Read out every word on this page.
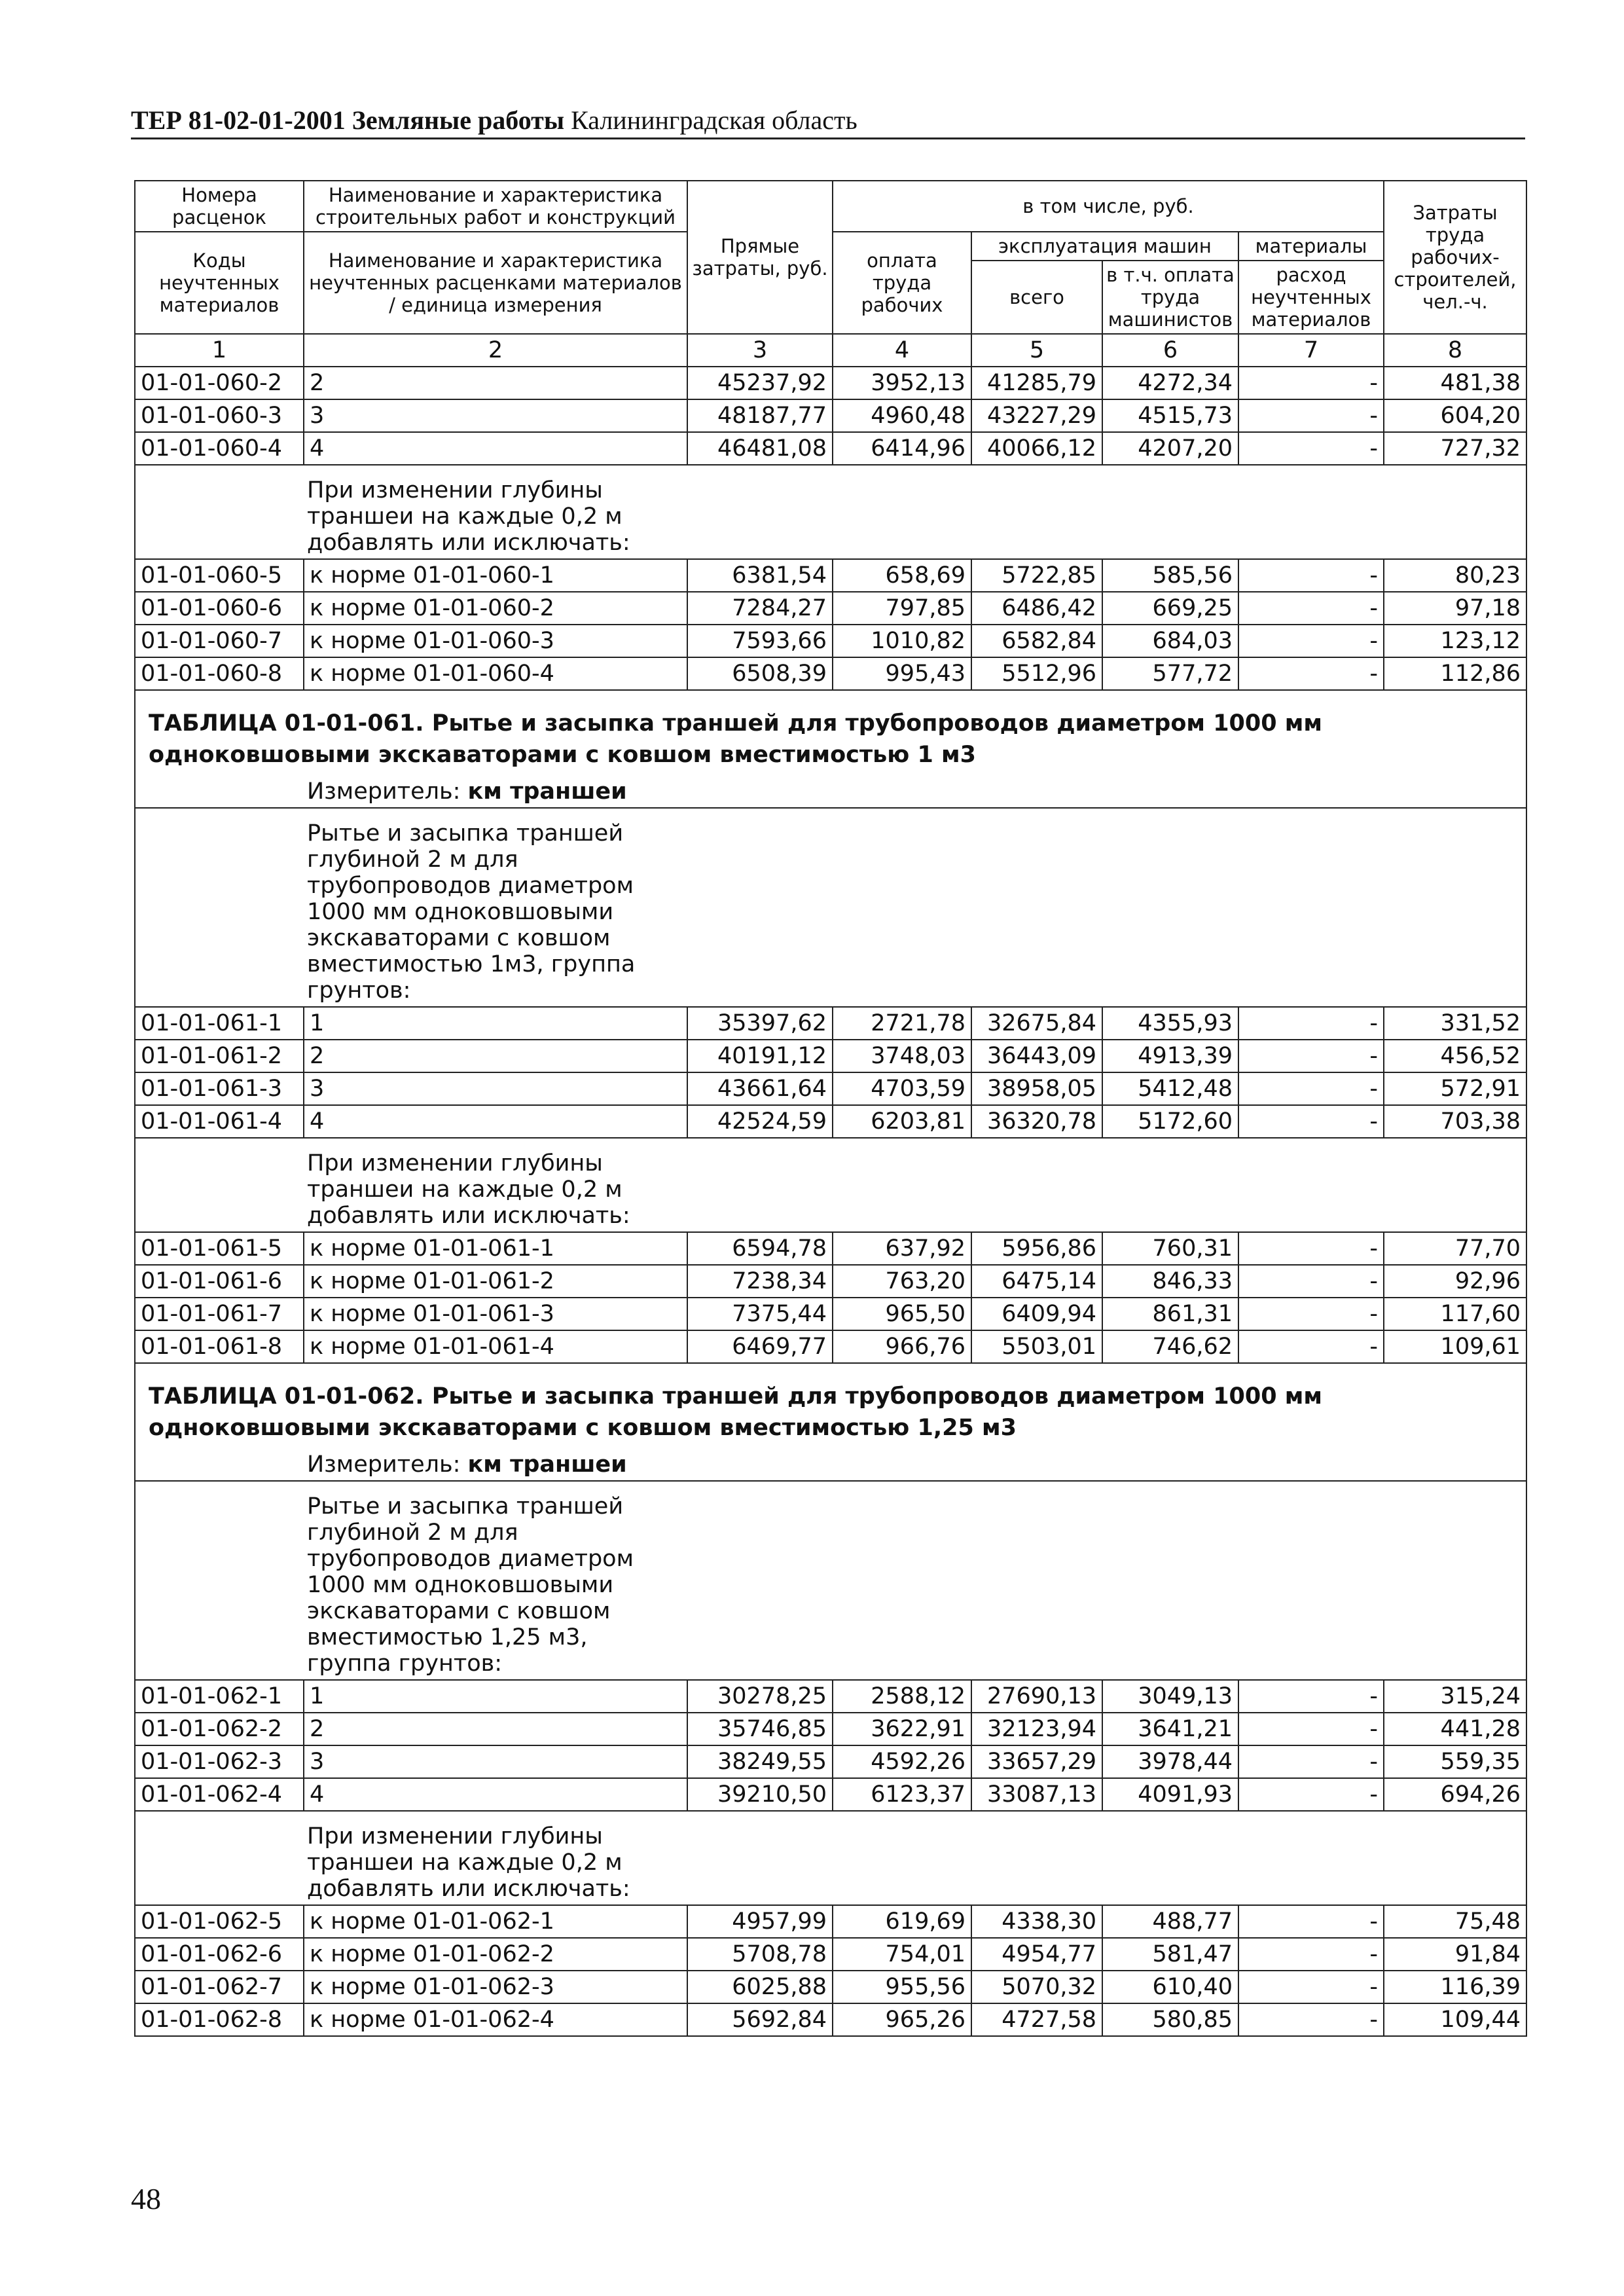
ТЕР 81-02-01-2001 Земляные работы Калининградская область
Номера расценок	Наименование и характеристика строительных работ и конструкций	Прямые затраты, руб.	в том числе, руб.				Затраты труда рабочих-строителей, чел.-ч.
Коды неучтенных материалов	Наименование и характеристика неучтенных расценками материалов / единица измерения		оплата труда рабочих	эксплуатация машин		материалы	
				всего	в т.ч. оплата труда машинистов	расход неучтенных материалов	
1	2	3	4	5	6	7	8
01-01-060-2	2	45237,92	3952,13	41285,79	4272,34	-	481,38
01-01-060-3	3	48187,77	4960,48	43227,29	4515,73	-	604,20
01-01-060-4	4	46481,08	6414,96	40066,12	4207,20	-	727,32

При изменении глубины траншеи на каждые 0,2 м добавлять или исключать:							

01-01-060-5	к норме 01-01-060-1	6381,54	658,69	5722,85	585,56	-	80,23
01-01-060-6	к норме 01-01-060-2	7284,27	797,85	6486,42	669,25	-	97,18
01-01-060-7	к норме 01-01-060-3	7593,66	1010,82	6582,84	684,03	-	123,12
01-01-060-8	к норме 01-01-060-4	6508,39	995,43	5512,96	577,72	-	112,86
ТАБЛИЦА 01-01-061. Рытье и засыпка траншей для трубопроводов диаметром 1000 мм одноковшовыми экскаваторами с ковшом вместимостью 1 м3							
Измеритель: км траншеи							

Рытье и засыпка траншей глубиной 2 м для трубопроводов диаметром 1000 мм одноковшовыми экскаваторами с ковшом вместимостью 1м3, группа грунтов:							

01-01-061-1	1	35397,62	2721,78	32675,84	4355,93	-	331,52
01-01-061-2	2	40191,12	3748,03	36443,09	4913,39	-	456,52
01-01-061-3	3	43661,64	4703,59	38958,05	5412,48	-	572,91
01-01-061-4	4	42524,59	6203,81	36320,78	5172,60	-	703,38

При изменении глубины траншеи на каждые 0,2 м добавлять или исключать:							

01-01-061-5	к норме 01-01-061-1	6594,78	637,92	5956,86	760,31	-	77,70
01-01-061-6	к норме 01-01-061-2	7238,34	763,20	6475,14	846,33	-	92,96
01-01-061-7	к норме 01-01-061-3	7375,44	965,50	6409,94	861,31	-	117,60
01-01-061-8	к норме 01-01-061-4	6469,77	966,76	5503,01	746,62	-	109,61
ТАБЛИЦА 01-01-062. Рытье и засыпка траншей для трубопроводов диаметром 1000 мм одноковшовыми экскаваторами с ковшом вместимостью 1,25 м3							
Измеритель: км траншеи							

Рытье и засыпка траншей глубиной 2 м для трубопроводов диаметром 1000 мм одноковшовыми экскаваторами с ковшом вместимостью 1,25 м3, группа грунтов:							

01-01-062-1	1	30278,25	2588,12	27690,13	3049,13	-	315,24
01-01-062-2	2	35746,85	3622,91	32123,94	3641,21	-	441,28
01-01-062-3	3	38249,55	4592,26	33657,29	3978,44	-	559,35
01-01-062-4	4	39210,50	6123,37	33087,13	4091,93	-	694,26

При изменении глубины траншеи на каждые 0,2 м добавлять или исключать:							

01-01-062-5	к норме 01-01-062-1	4957,99	619,69	4338,30	488,77	-	75,48
01-01-062-6	к норме 01-01-062-2	5708,78	754,01	4954,77	581,47	-	91,84
01-01-062-7	к норме 01-01-062-3	6025,88	955,56	5070,32	610,40	-	116,39
01-01-062-8	к норме 01-01-062-4	5692,84	965,26	4727,58	580,85	-	109,44
48
